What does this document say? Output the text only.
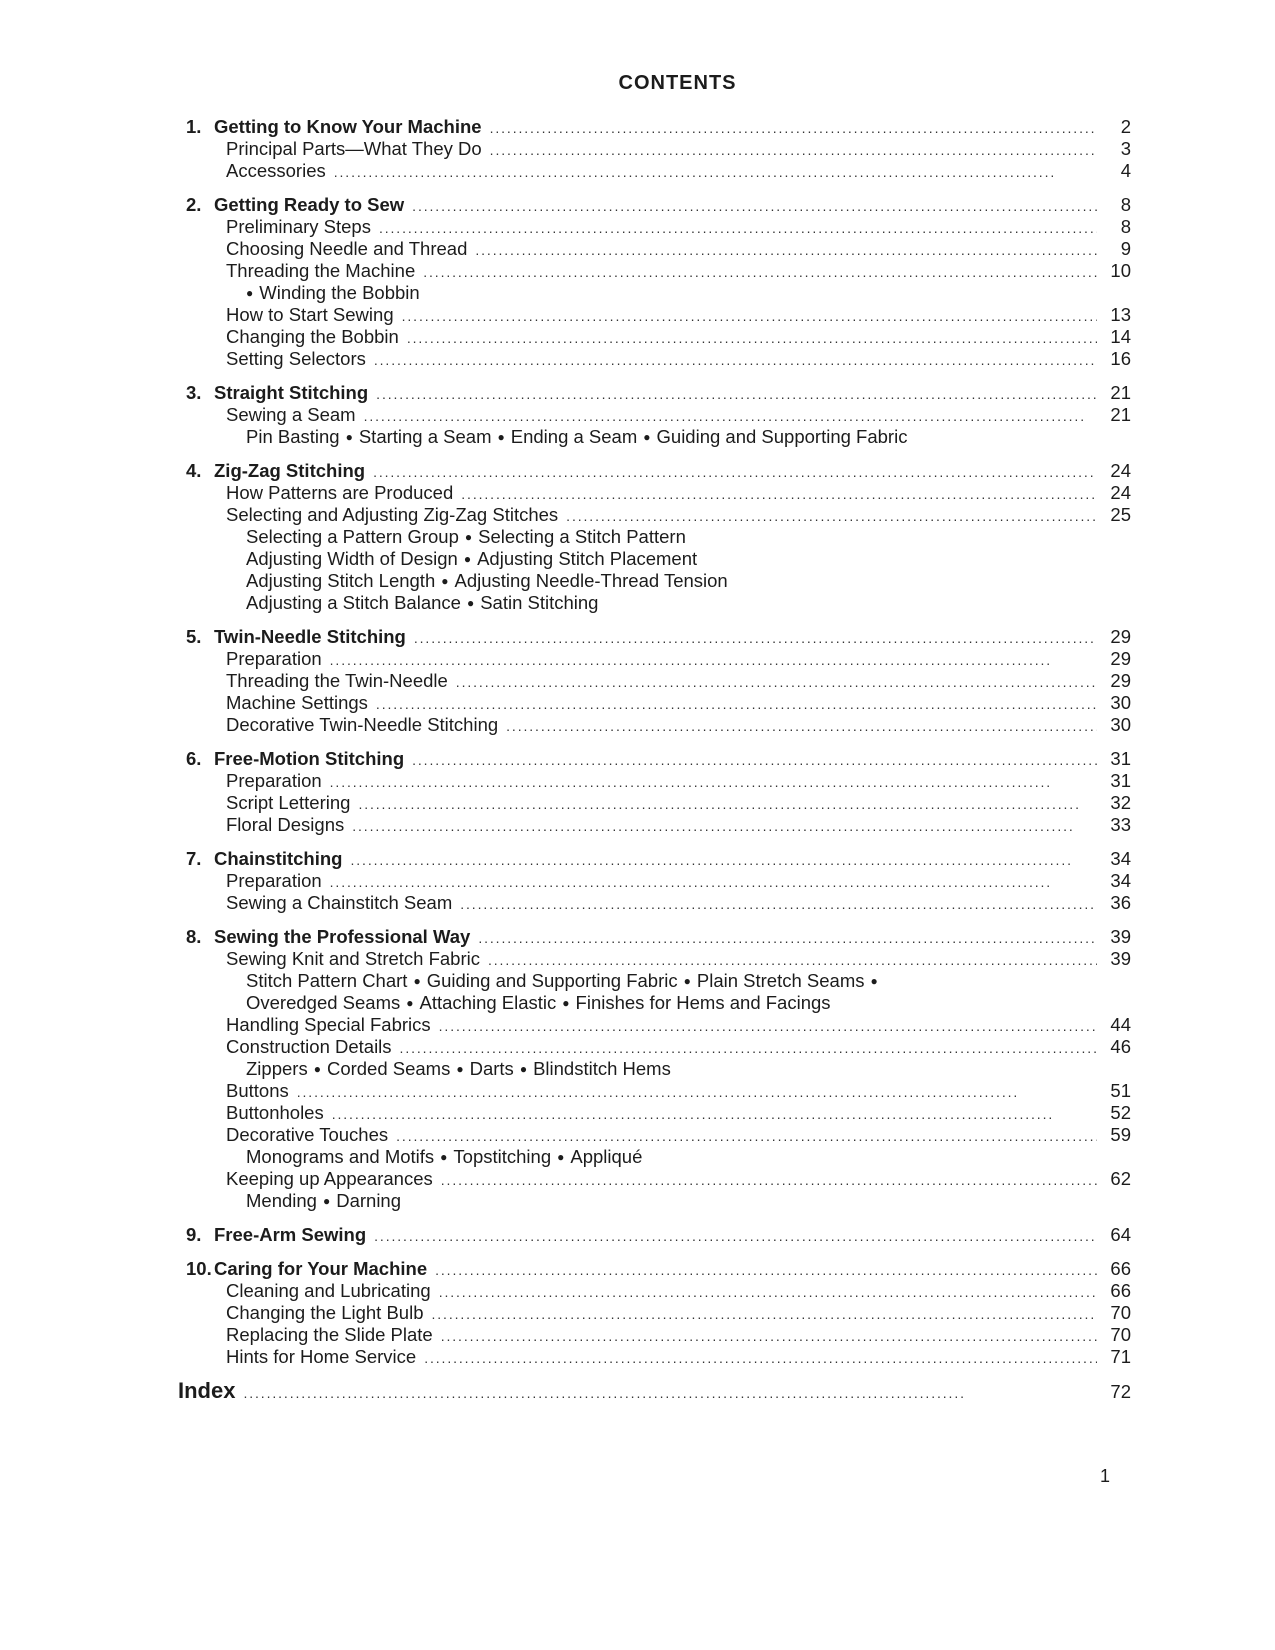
CONTENTS
1. Getting to Know Your Machine . . .	2
Principal Parts—What They Do . . .	3
Accessories . . .	4
2. Getting Ready to Sew . . .	8
Preliminary Steps . . .	8
Choosing Needle and Thread . . .	9
Threading the Machine . . .	10
● Winding the Bobbin
How to Start Sewing . . .	13
Changing the Bobbin . . .	14
Setting Selectors . . .	16
3. Straight Stitching . . .	21
Sewing a Seam . . .	21
Pin Basting ● Starting a Seam ● Ending a Seam ● Guiding and Supporting Fabric
4. Zig-Zag Stitching . . .	24
How Patterns are Produced . . .	24
Selecting and Adjusting Zig-Zag Stitches . . .	25
Selecting a Pattern Group ● Selecting a Stitch Pattern
Adjusting Width of Design ● Adjusting Stitch Placement
Adjusting Stitch Length ● Adjusting Needle-Thread Tension
Adjusting a Stitch Balance ● Satin Stitching
5. Twin-Needle Stitching . . .	29
Preparation . . .	29
Threading the Twin-Needle . . .	29
Machine Settings . . .	30
Decorative Twin-Needle Stitching . . .	30
6. Free-Motion Stitching . . .	31
Preparation . . .	31
Script Lettering . . .	32
Floral Designs . . .	33
7. Chainstitching . . .	34
Preparation . . .	34
Sewing a Chainstitch Seam . . .	36
8. Sewing the Professional Way . . .	39
Sewing Knit and Stretch Fabric . . .	39
Stitch Pattern Chart ● Guiding and Supporting Fabric ● Plain Stretch Seams ●
Overedged Seams ● Attaching Elastic ● Finishes for Hems and Facings
Handling Special Fabrics . . .	44
Construction Details . . .	46
Zippers ● Corded Seams ● Darts ● Blindstitch Hems
Buttons . . .	51
Buttonholes . . .	52
Decorative Touches . . .	59
Monograms and Motifs ● Topstitching ● Appliqué
Keeping up Appearances . . .	62
Mending ● Darning
9. Free-Arm Sewing . . .	64
10. Caring for Your Machine . . .	66
Cleaning and Lubricating . . .	66
Changing the Light Bulb . . .	70
Replacing the Slide Plate . . .	70
Hints for Home Service . . .	71
Index . . .	72
1
